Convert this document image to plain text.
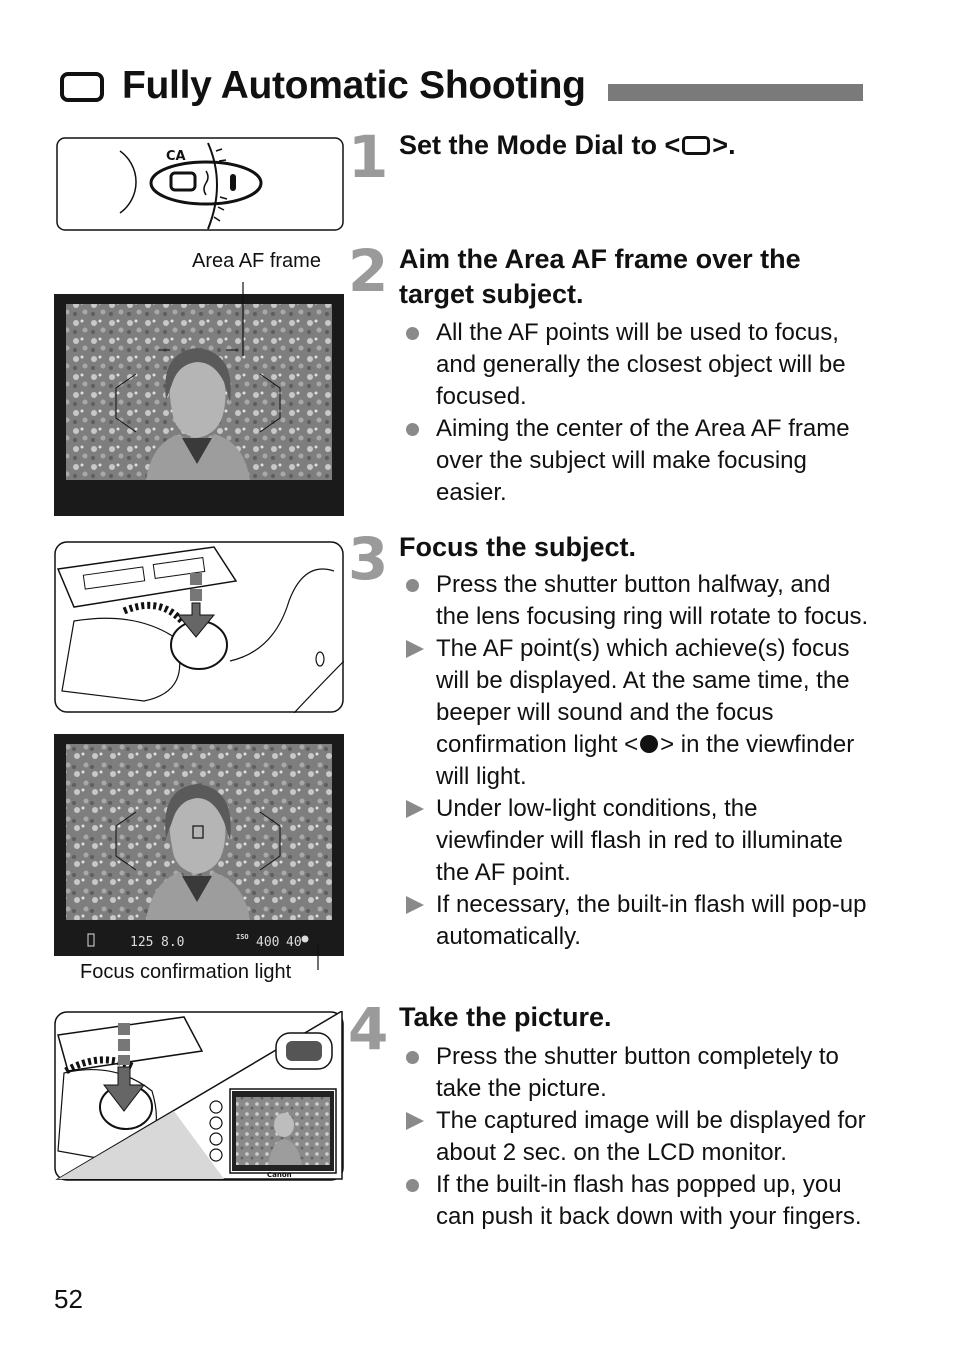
Fully Automatic Shooting
CA
Area AF frame
125 8.0	ISO 400 40
Focus confirmation light
Canon
1 Set the Mode Dial to < >.
2 Aim the Area AF frame over the target subject.
All the AF points will be used to focus, and generally the closest object will be focused.
Aiming the center of the Area AF frame over the subject will make focusing easier.
3 Focus the subject.
Press the shutter button halfway, and the lens focusing ring will rotate to focus.
The AF point(s) which achieve(s) focus will be displayed. At the same time, the beeper will sound and the focus confirmation light < > in the viewfinder will light.
Under low-light conditions, the viewfinder will flash in red to illuminate the AF point.
If necessary, the built-in flash will pop-up automatically.
4 Take the picture.
Press the shutter button completely to take the picture.
The captured image will be displayed for about 2 sec. on the LCD monitor.
If the built-in flash has popped up, you can push it back down with your fingers.
52
